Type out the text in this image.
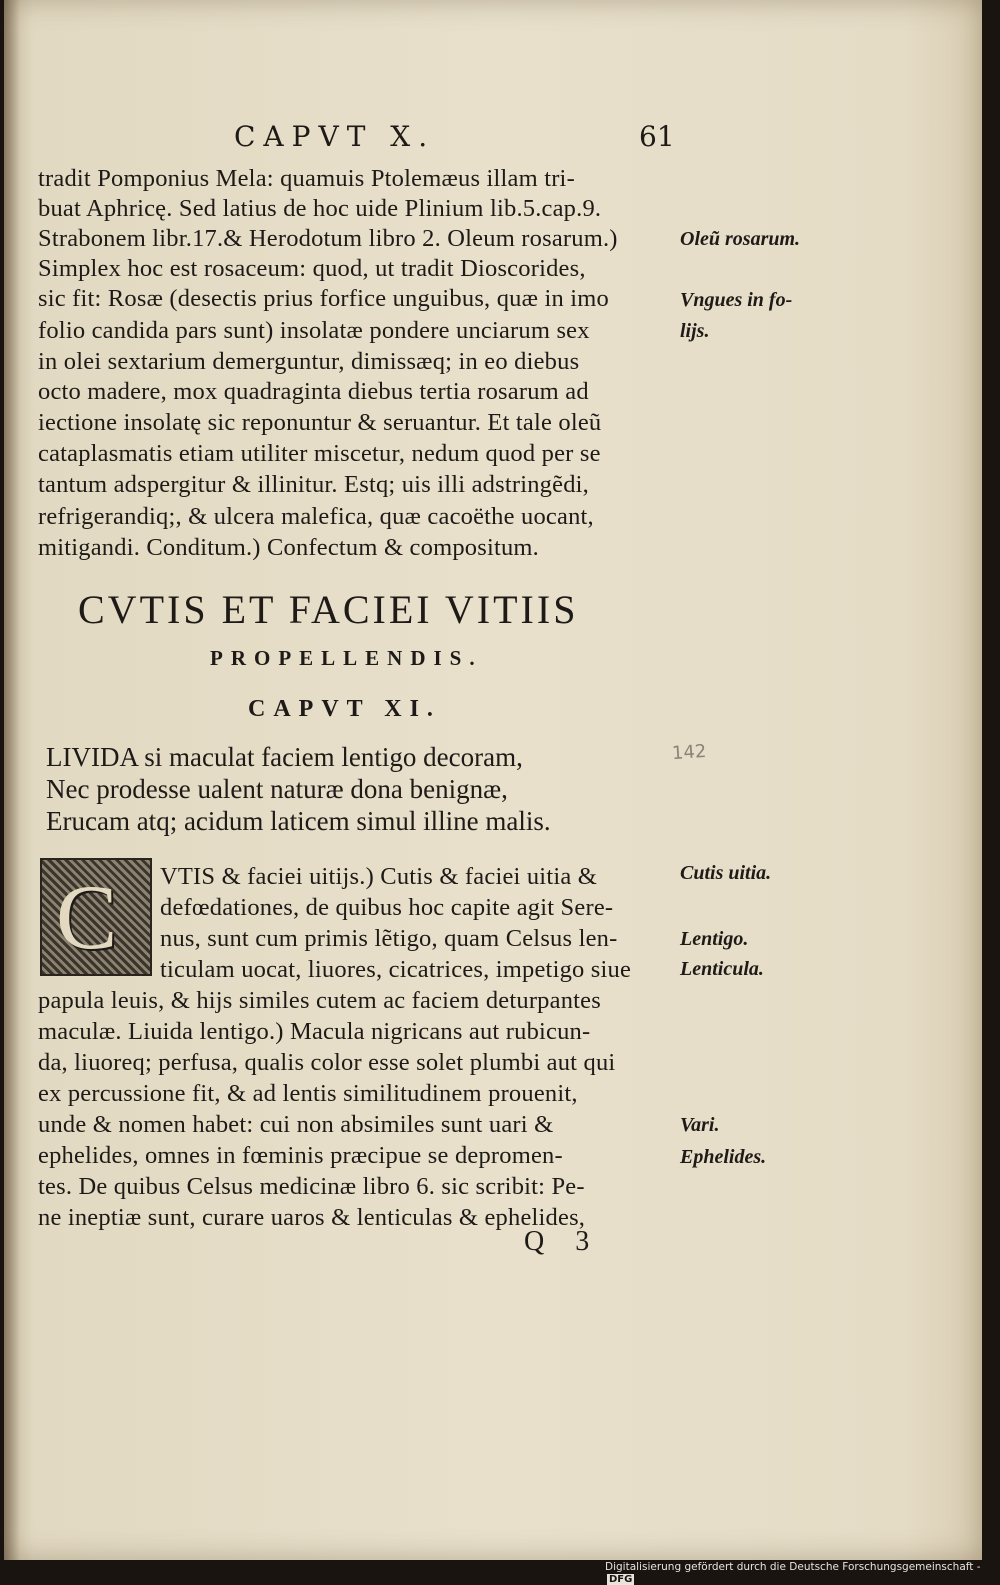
CAPVT X.	61
tradit Pomponius Mela: quamuis Ptolemæus illam tri-
buat Aphricę. Sed latius de hoc uide Plinium lib.5.cap.9.
Strabonem libr.17.& Herodotum libro 2. Oleum rosarum.)
Simplex hoc est rosaceum: quod, ut tradit Dioscorides,
sic fit: Rosæ (desectis prius forfice unguibus, quæ in imo
folio candida pars sunt) insolatæ pondere unciarum sex
in olei sextarium demerguntur, dimissæq; in eo diebus
octo madere, mox quadraginta diebus tertia rosarum ad
iectione insolatę sic reponuntur & seruantur. Et tale oleũ
cataplasmatis etiam utiliter miscetur, nedum quod per se
tantum adspergitur & illinitur. Estq; uis illi adstringẽdi,
refrigerandiq;, & ulcera malefica, quæ cacoëthe uocant,
mitigandi. Conditum.) Confectum & compositum.
Oleũ rosarum.
Vngues in fo-
lijs.
CVTIS ET FACIEI VITIIS
PROPELLENDIS.
CAPVT XI.
LIVIDA si maculat faciem lentigo decoram,
Nec prodesse ualent naturæ dona benignæ,
Erucam atq; acidum laticem simul illine malis.
142
C VTIS & faciei uitijs.) Cutis & faciei uitia &
defœdationes, de quibus hoc capite agit Sere-
nus, sunt cum primis lẽtigo, quam Celsus len-
ticulam uocat, liuores, cicatrices, impetigo siue
papula leuis, & hijs similes cutem ac faciem deturpantes
maculæ. Liuida lentigo.) Macula nigricans aut rubicun-
da, liuoreq; perfusa, qualis color esse solet plumbi aut qui
ex percussione fit, & ad lentis similitudinem prouenit,
unde & nomen habet: cui non absimiles sunt uari &
ephelides, omnes in fœminis præcipue se depromen-
tes. De quibus Celsus medicinæ libro 6. sic scribit: Pe-
ne ineptiæ sunt, curare uaros & lenticulas & ephelides,
Cutis uitia.
Lentigo.
Lenticula.
Vari.
Ephelides.
Q 3
Digitalisierung gefördert durch die Deutsche Forschungsgemeinschaft -DFG
